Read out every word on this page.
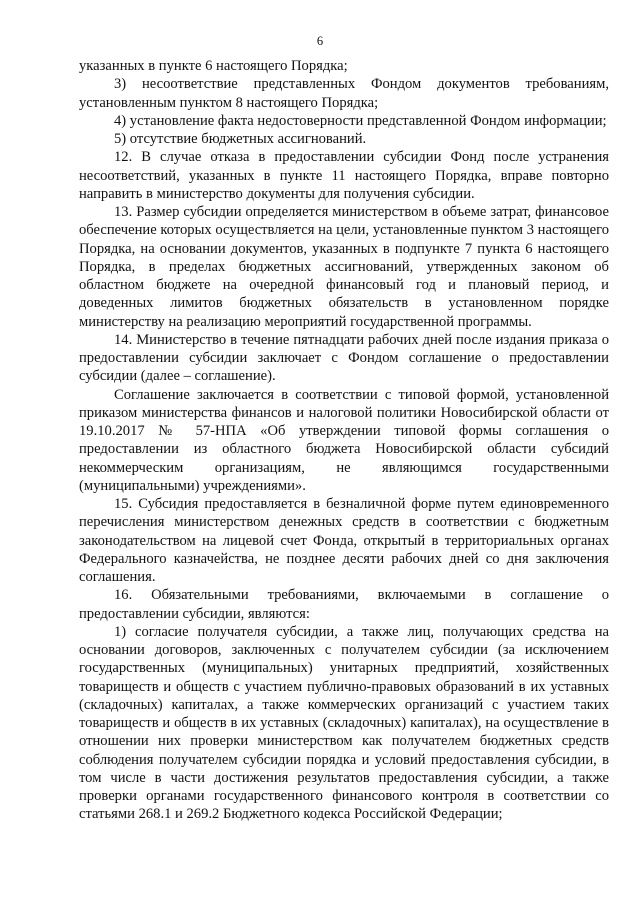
6

указанных в пункте 6 настоящего Порядка;

3) несоответствие представленных Фондом документов требованиям, установленным пунктом 8 настоящего Порядка;

4) установление факта недостоверности представленной Фондом информации;

5) отсутствие бюджетных ассигнований.

12. В случае отказа в предоставлении субсидии Фонд после устранения несоответствий, указанных в пункте 11 настоящего Порядка, вправе повторно направить в министерство документы для получения субсидии.

13. Размер субсидии определяется министерством в объеме затрат, финансовое обеспечение которых осуществляется на цели, установленные пунктом 3 настоящего Порядка, на основании документов, указанных в подпункте 7 пункта 6 настоящего Порядка, в пределах бюджетных ассигнований, утвержденных законом об областном бюджете на очередной финансовый год и плановый период, и доведенных лимитов бюджетных обязательств в установленном порядке министерству на реализацию мероприятий государственной программы.

14. Министерство в течение пятнадцати рабочих дней после издания приказа о предоставлении субсидии заключает с Фондом соглашение о предоставлении субсидии (далее – соглашение).

Соглашение заключается в соответствии с типовой формой, установленной приказом министерства финансов и налоговой политики Новосибирской области от 19.10.2017 № 57-НПА «Об утверждении типовой формы соглашения о предоставлении из областного бюджета Новосибирской области субсидий некоммерческим организациям, не являющимся государственными (муниципальными) учреждениями».

15. Субсидия предоставляется в безналичной форме путем единовременного перечисления министерством денежных средств в соответствии с бюджетным законодательством на лицевой счет Фонда, открытый в территориальных органах Федерального казначейства, не позднее десяти рабочих дней со дня заключения соглашения.

16. Обязательными требованиями, включаемыми в соглашение о предоставлении субсидии, являются:

1) согласие получателя субсидии, а также лиц, получающих средства на основании договоров, заключенных с получателем субсидии (за исключением государственных (муниципальных) унитарных предприятий, хозяйственных товариществ и обществ с участием публично-правовых образований в их уставных (складочных) капиталах, а также коммерческих организаций с участием таких товариществ и обществ в их уставных (складочных) капиталах), на осуществление в отношении них проверки министерством как получателем бюджетных средств соблюдения получателем субсидии порядка и условий предоставления субсидии, в том числе в части достижения результатов предоставления субсидии, а также проверки органами государственного финансового контроля в соответствии со статьями 268.1 и 269.2 Бюджетного кодекса Российской Федерации;
